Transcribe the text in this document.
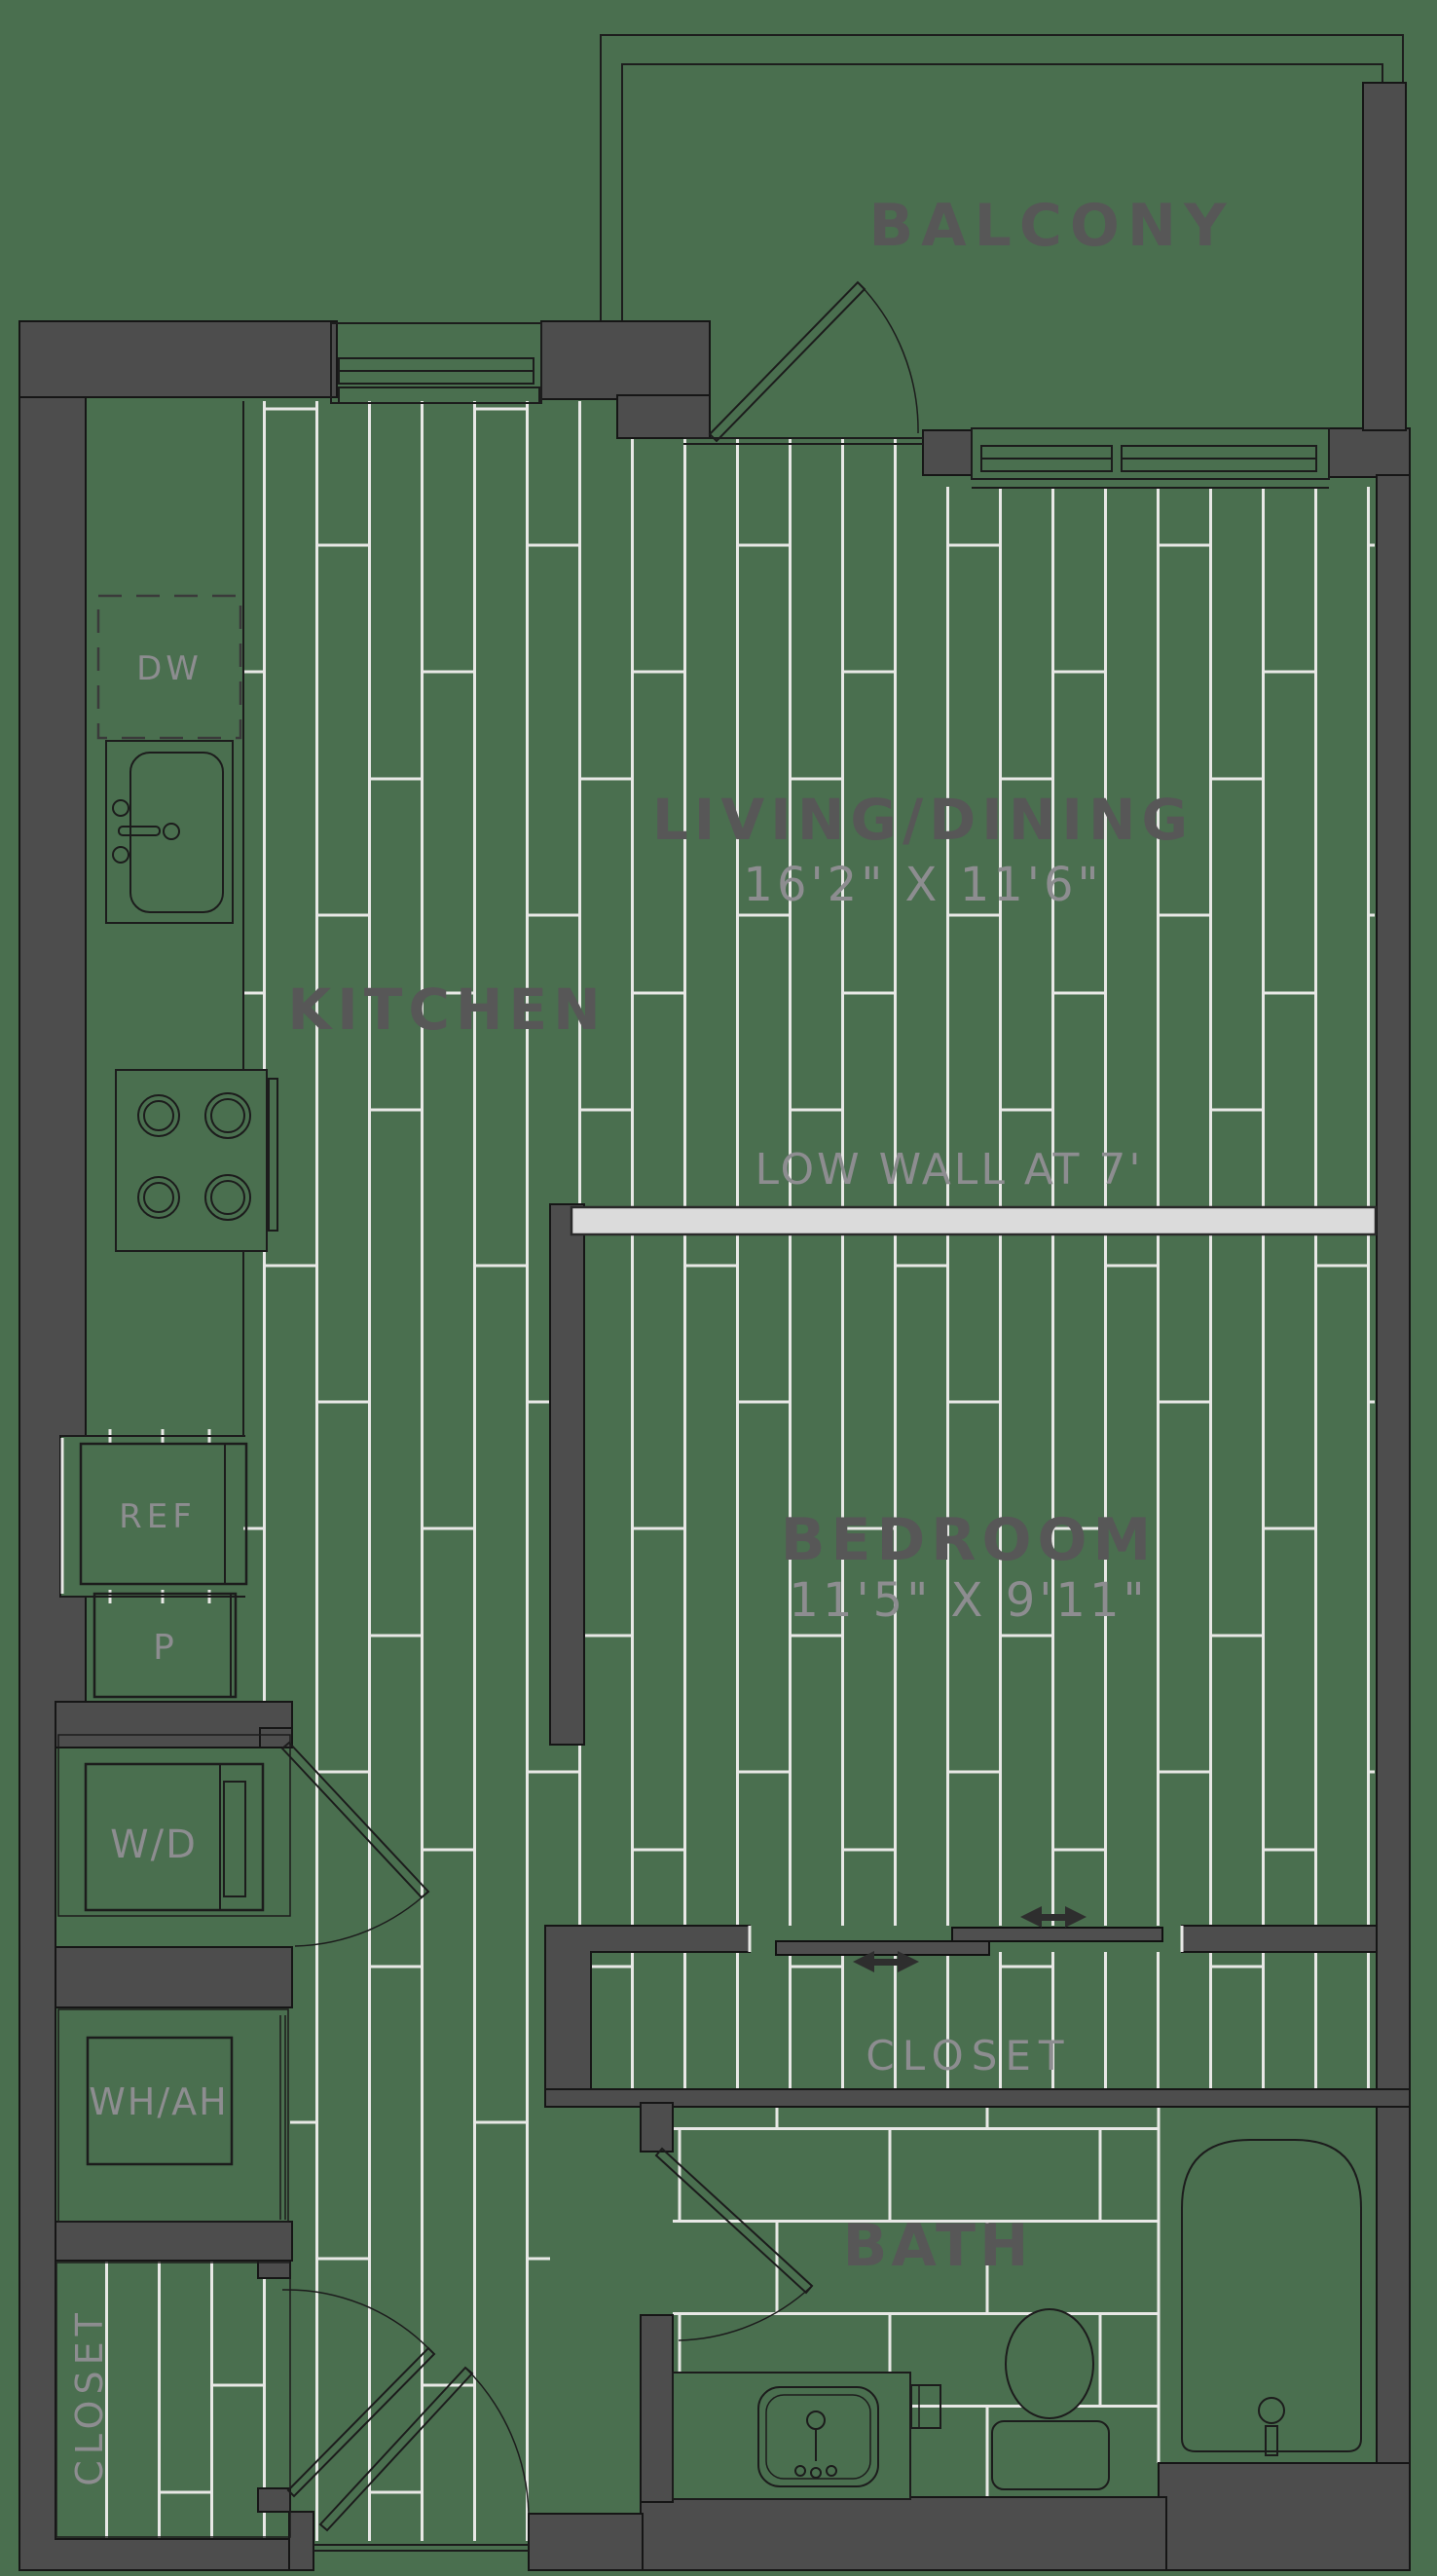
DW
REF
P
W/D
WH/AH
CLOSET
BALCONY
LIVING/DINING
16'2" X 11'6"
KITCHEN
LOW WALL AT 7'
BEDROOM
11'5" X 9'11"
CLOSET
BATH
